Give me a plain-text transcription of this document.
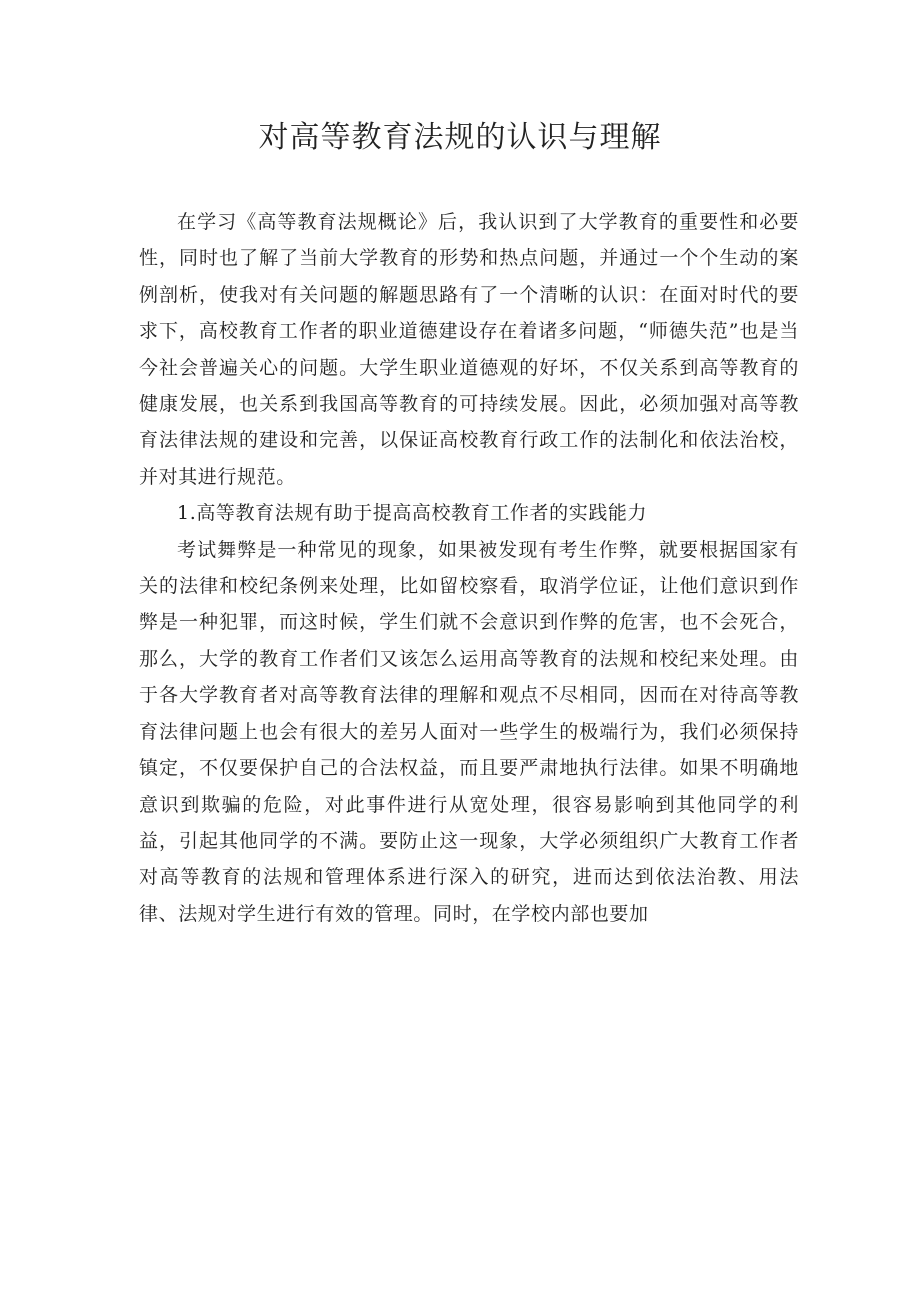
对高等教育法规的认识与理解

在学习《高等教育法规概论》后，我认识到了大学教育的重要性和必要性，同时也了解了当前大学教育的形势和热点问题，并通过一个个生动的案例剖析，使我对有关问题的解题思路有了一个清晰的认识：在面对时代的要求下，高校教育工作者的职业道德建设存在着诸多问题，“师德失范”也是当今社会普遍关心的问题。大学生职业道德观的好坏，不仅关系到高等教育的健康发展，也关系到我国高等教育的可持续发展。因此，必须加强对高等教育法律法规的建设和完善，以保证高校教育行政工作的法制化和依法治校，并对其进行规范。

1.高等教育法规有助于提高高校教育工作者的实践能力

考试舞弊是一种常见的现象，如果被发现有考生作弊，就要根据国家有关的法律和校纪条例来处理，比如留校察看，取消学位证，让他们意识到作弊是一种犯罪，而这时候，学生们就不会意识到作弊的危害，也不会死合，那么，大学的教育工作者们又该怎么运用高等教育的法规和校纪来处理。由于各大学教育者对高等教育法律的理解和观点不尽相同，因而在对待高等教育法律问题上也会有很大的差另人面对一些学生的极端行为，我们必须保持镇定，不仅要保护自己的合法权益，而且要严肃地执行法律。如果不明确地意识到欺骗的危险，对此事件进行从宽处理，很容易影响到其他同学的利益，引起其他同学的不满。要防止这一现象，大学必须组织广大教育工作者对高等教育的法规和管理体系进行深入的研究，进而达到依法治教、用法律、法规对学生进行有效的管理。同时，在学校内部也要加
